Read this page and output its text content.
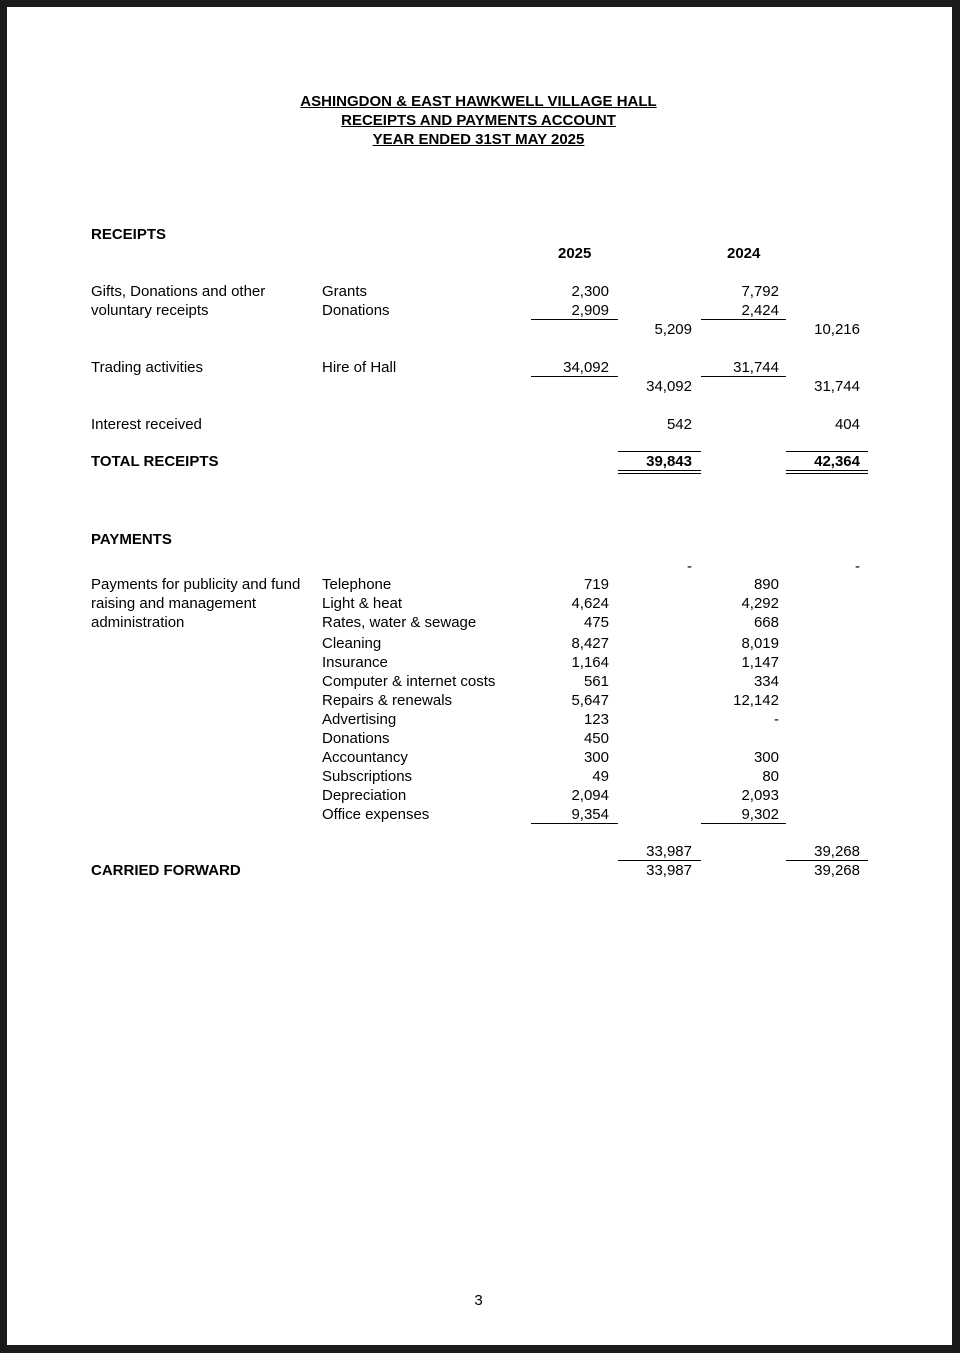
ASHINGDON & EAST HAWKWELL VILLAGE HALL
RECEIPTS AND PAYMENTS ACCOUNT
YEAR ENDED 31ST MAY 2025
RECEIPTS
2025	2024
Gifts, Donations and other
voluntary receipts
Grants	2,300	7,792
Donations	2,909	2,424
5,209	10,216
Trading activities	Hire of Hall	34,092	31,744
34,092	31,744
Interest received	542	404
TOTAL RECEIPTS	39,843	42,364
PAYMENTS
-	-
Payments for publicity and fund
raising and management
administration
Telephone	719	890
Light & heat	4,624	4,292
Rates, water & sewage	475	668
Cleaning	8,427	8,019
Insurance	1,164	1,147
Computer & internet costs	561	334
Repairs & renewals	5,647	12,142
Advertising	123	-
Donations	450
Accountancy	300	300
Subscriptions	49	80
Depreciation	2,094	2,093
Office expenses	9,354	9,302
33,987	39,268
CARRIED FORWARD	33,987	39,268
3
